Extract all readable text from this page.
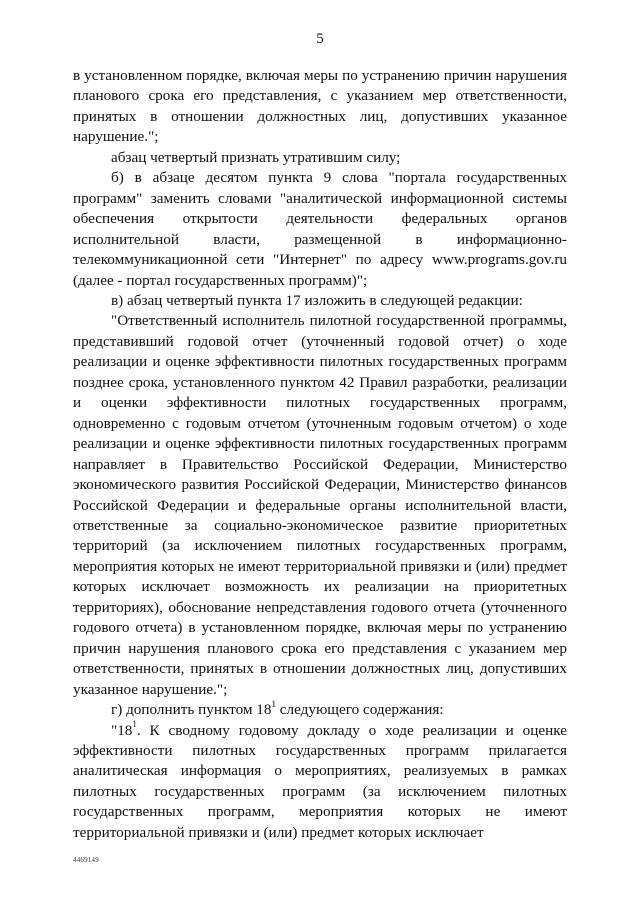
5

в установленном порядке, включая меры по устранению причин нарушения планового срока его представления, с указанием мер ответственности, принятых в отношении должностных лиц, допустивших указанное нарушение.";

абзац четвертый признать утратившим силу;

б) в абзаце десятом пункта 9 слова "портала государственных программ" заменить словами "аналитической информационной системы обеспечения открытости деятельности федеральных органов исполнительной власти, размещенной в информационно-телекоммуникационной сети "Интернет" по адресу www.programs.gov.ru (далее - портал государственных программ)";

в) абзац четвертый пункта 17 изложить в следующей редакции:

"Ответственный исполнитель пилотной государственной программы, представивший годовой отчет (уточненный годовой отчет) о ходе реализации и оценке эффективности пилотных государственных программ позднее срока, установленного пунктом 42 Правил разработки, реализации и оценки эффективности пилотных государственных программ, одновременно с годовым отчетом (уточненным годовым отчетом) о ходе реализации и оценке эффективности пилотных государственных программ направляет в Правительство Российской Федерации, Министерство экономического развития Российской Федерации, Министерство финансов Российской Федерации и федеральные органы исполнительной власти, ответственные за социально-экономическое развитие приоритетных территорий (за исключением пилотных государственных программ, мероприятия которых не имеют территориальной привязки и (или) предмет которых исключает возможность их реализации на приоритетных территориях), обоснование непредставления годового отчета (уточненного годового отчета) в установленном порядке, включая меры по устранению причин нарушения планового срока его представления с указанием мер ответственности, принятых в отношении должностных лиц, допустивших указанное нарушение.";

г) дополнить пунктом $18^1$ следующего содержания:

"$18^1$. К сводному годовому докладу о ходе реализации и оценке эффективности пилотных государственных программ прилагается аналитическая информация о мероприятиях, реализуемых в рамках пилотных государственных программ (за исключением пилотных государственных программ, мероприятия которых не имеют территориальной привязки и (или) предмет которых исключает

4469149
